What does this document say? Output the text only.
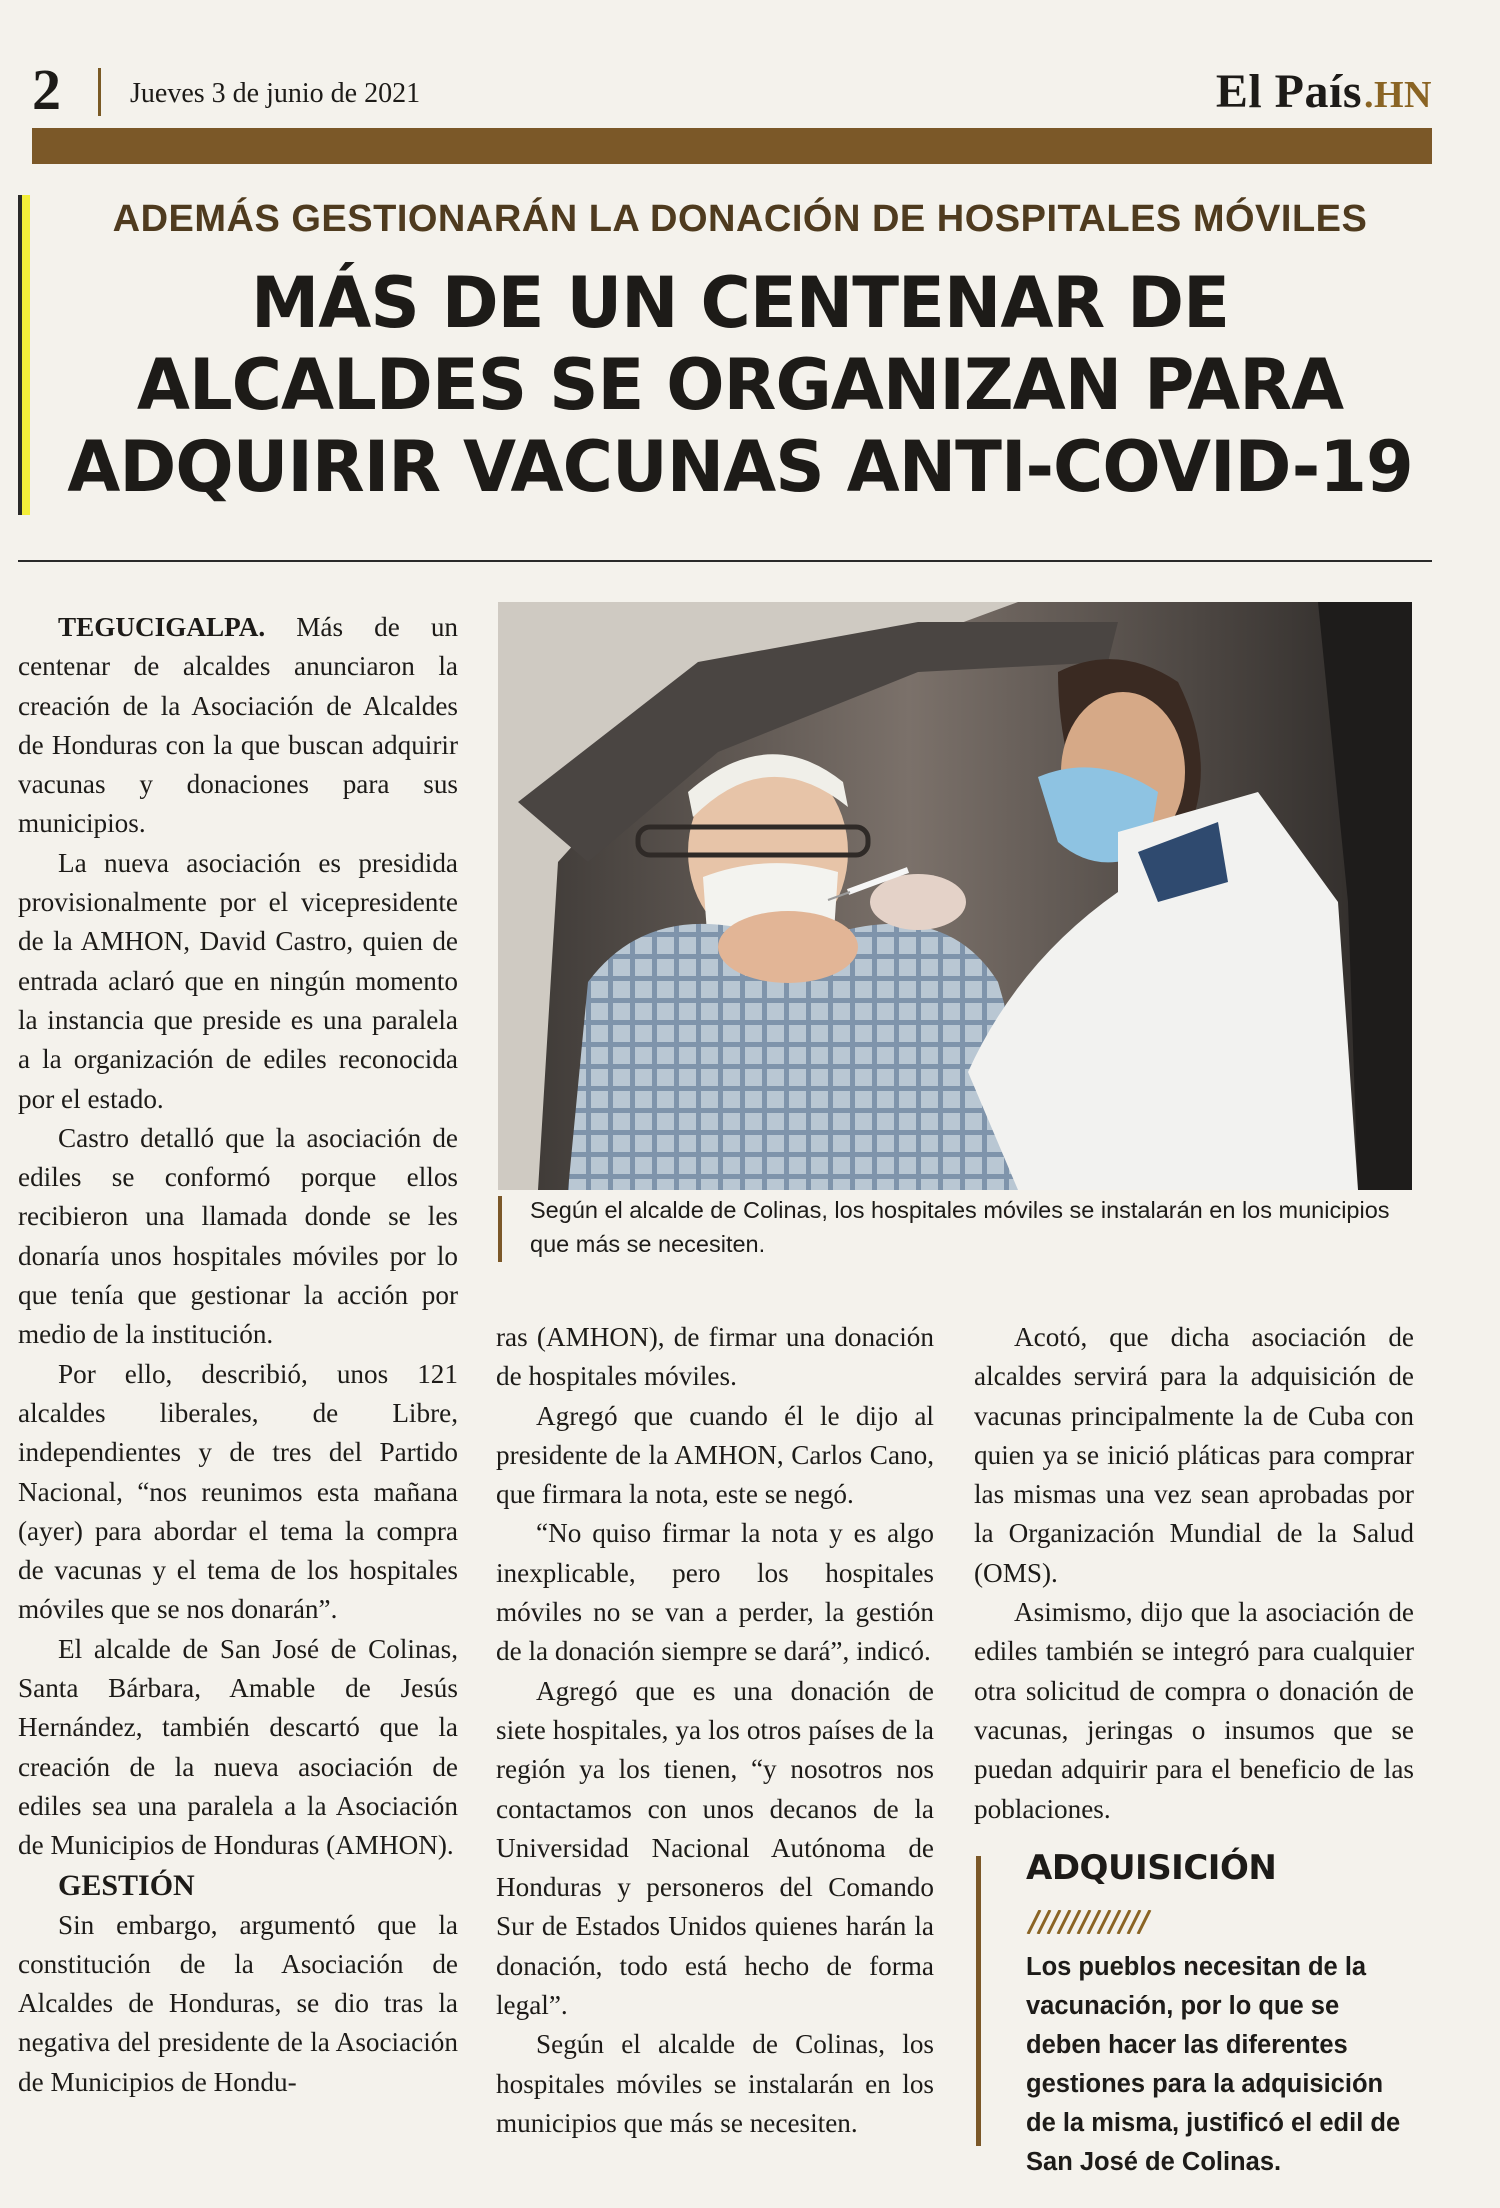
2 Jueves 3 de junio de 2021	El País.HN
ADEMÁS GESTIONARÁN LA DONACIÓN DE HOSPITALES MÓVILES
MÁS DE UN CENTENAR DE
ALCALDES SE ORGANIZAN PARA
ADQUIRIR VACUNAS ANTI-COVID-19

TEGUCIGALPA. Más de un centenar de alcaldes anunciaron la creación de la Asociación de Alcaldes de Honduras con la que buscan adquirir vacunas y donaciones para sus municipios.

La nueva asociación es presidida provisionalmente por el vicepresidente de la AMHON, David Castro, quien de entrada aclaró que en ningún momento la instancia que preside es una paralela a la organización de ediles reconocida por el estado.

Castro detalló que la asociación de ediles se conformó porque ellos recibieron una llamada donde se les donaría unos hospitales móviles por lo que tenía que gestionar la acción por medio de la institución.

Por ello, describió, unos 121 alcaldes liberales, de Libre, independientes y de tres del Partido Nacional, “nos reunimos esta mañana (ayer) para abordar el tema la compra de vacunas y el tema de los hospitales móviles que se nos donarán”.

El alcalde de San José de Colinas, Santa Bárbara, Amable de Jesús Hernández, también descartó que la creación de la nueva asociación de ediles sea una paralela a la Asociación de Municipios de Honduras (AMHON).

GESTIÓN

Sin embargo, argumentó que la constitución de la Asociación de Alcaldes de Honduras, se dio tras la negativa del presidente de la Asociación de Municipios de Hondu-

Según el alcalde de Colinas, los hospitales móviles se instalarán en los municipios que más se necesiten.

ras (AMHON), de firmar una donación de hospitales móviles.

Agregó que cuando él le dijo al presidente de la AMHON, Carlos Cano, que firmara la nota, este se negó.

“No quiso firmar la nota y es algo inexplicable, pero los hospitales móviles no se van a perder, la gestión de la donación siempre se dará”, indicó.

Agregó que es una donación de siete hospitales, ya los otros países de la región ya los tienen, “y nosotros nos contactamos con unos decanos de la Universidad Nacional Autónoma de Honduras y personeros del Comando Sur de Estados Unidos quienes harán la donación, todo está hecho de forma legal”.

Según el alcalde de Colinas, los hospitales móviles se instalarán en los municipios que más se necesiten.

Acotó, que dicha asociación de alcaldes servirá para la adquisición de vacunas principalmente la de Cuba con quien ya se inició pláticas para comprar las mismas una vez sean aprobadas por la Organización Mundial de la Salud (OMS).

Asimismo, dijo que la asociación de ediles también se integró para cualquier otra solicitud de compra o donación de vacunas, jeringas o insumos que se puedan adquirir para el beneficio de las poblaciones.

ADQUISICIÓN
Los pueblos necesitan de la vacunación, por lo que se deben hacer las diferentes gestiones para la adquisición de la misma, justificó el edil de San José de Colinas.
